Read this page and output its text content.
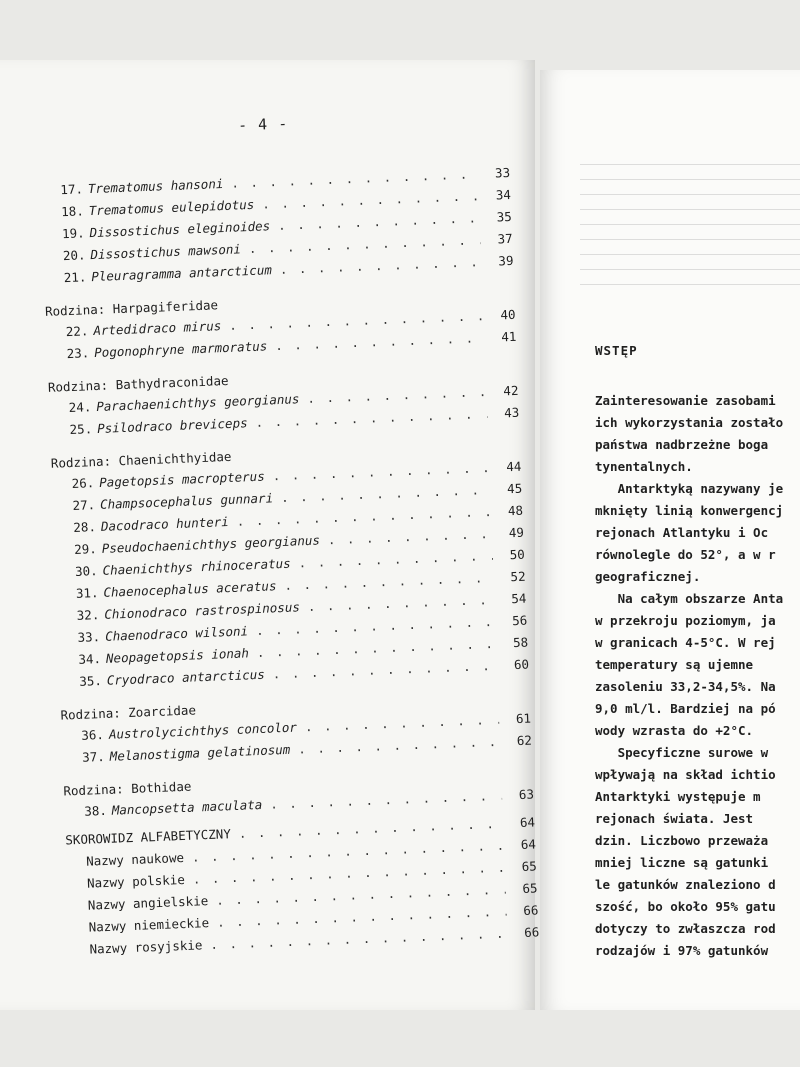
- 4 -
17. Trematomus hansoni
. . .
33
18. Trematomus eulepidotus
. . .
34
19. Dissostichus eleginoides
. . .
35
20. Dissostichus mawsoni
. . .
37
21. Pleuragramma antarcticum
. . .
39
Rodzina: Harpagiferidae
22. Artedidraco mirus
. . .
40
23. Pogonophryne marmoratus
. . .
41
Rodzina: Bathydraconidae
24. Parachaenichthys georgianus
. . .
42
25. Psilodraco breviceps
. . .
43
Rodzina: Chaenichthyidae
26. Pagetopsis macropterus
. . .
44
27. Champsocephalus gunnari
. . .
45
28. Dacodraco hunteri
. . .
48
29. Pseudochaenichthys georgianus
. . .
49
30. Chaenichthys rhinoceratus
. . .
50
31. Chaenocephalus aceratus
. . .
52
32. Chionodraco rastrospinosus
. . .
54
33. Chaenodraco wilsoni
. . .
56
34. Neopagetopsis ionah
. . .
58
35. Cryodraco antarcticus
. . .
60
Rodzina: Zoarcidae
36. Austrolycichthys concolor
. . .
61
37. Melanostigma gelatinosum
. . .
62
Rodzina: Bothidae
38. Mancopsetta maculata
. . .
63
SKOROWIDZ ALFABETYCZNY
. . .
64
Nazwy naukowe
. . .
64
Nazwy polskie
. . .
65
Nazwy angielskie
. . .
65
Nazwy niemieckie
. . .
66
Nazwy rosyjskie
. . .
66
WSTĘP
Zainteresowanie zasobami
ich wykorzystania zostało
państwa nadbrzeżne boga
tynentalnych.
Antarktyką nazywany je
mknięty linią konwergencj
rejonach Atlantyku i Oc
równolegle do 52°, a w r
geograficznej.
Na całym obszarze Anta
w przekroju poziomym, ja
w granicach 4-5°C. W rej
temperatury są ujemne
zasoleniu 33,2-34,5%. Na
9,0 ml/l. Bardziej na pó
wody wzrasta do +2°C.
Specyficzne surowe w
wpływają na skład ichtio
Antarktyki występuje m
rejonach świata. Jest
dzin. Liczbowo przeważa
mniej liczne są gatunki
le gatunków znaleziono d
szość, bo około 95% gatu
dotyczy to zwłaszcza rod
rodzajów i 97% gatunków
